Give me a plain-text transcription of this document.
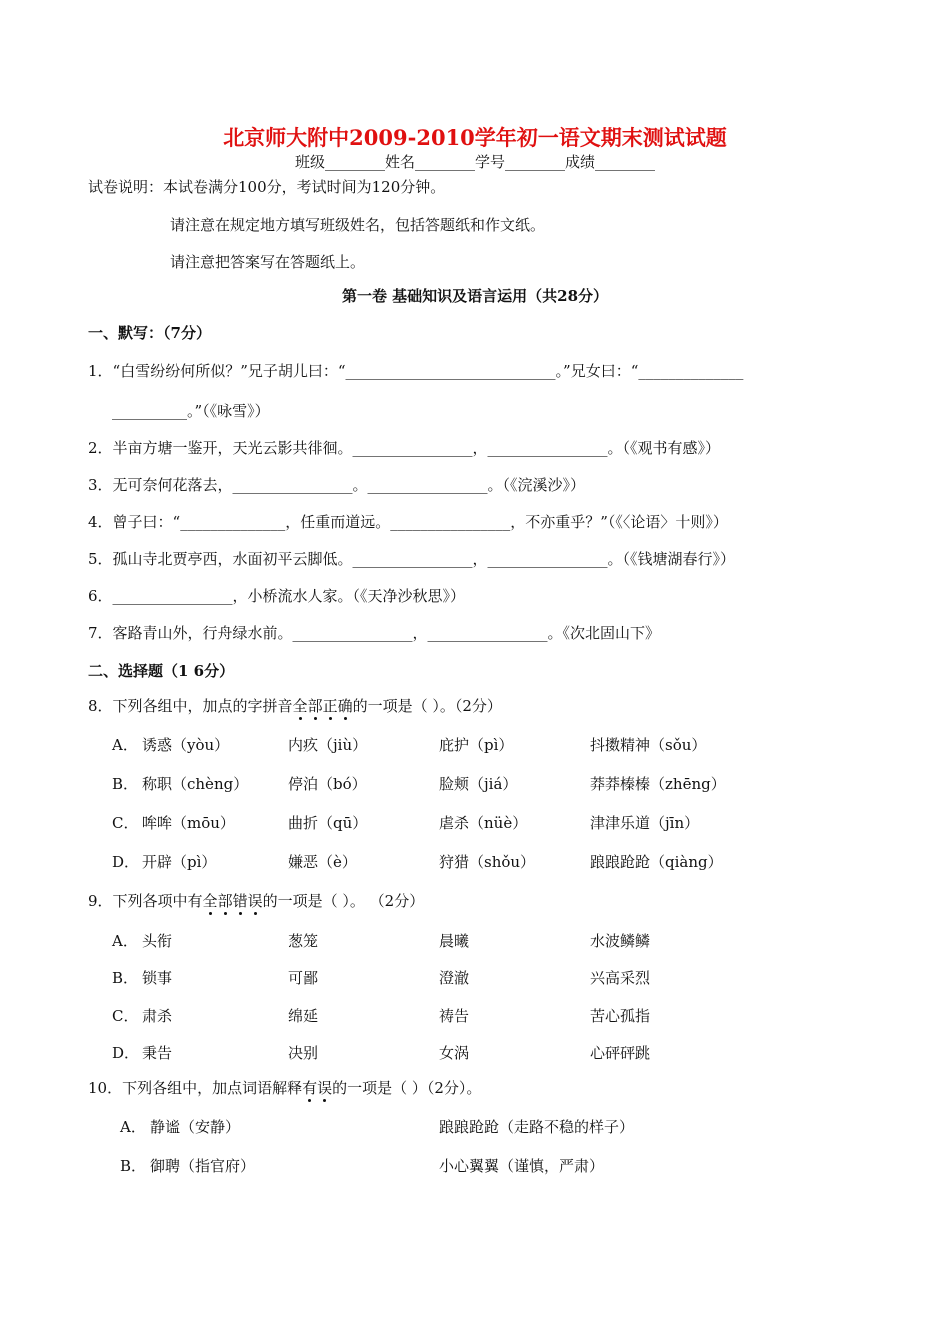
北京师大附中2009-2010学年初一语文期末测试试题
班级________姓名________学号________成绩________
试卷说明：本试卷满分100分，考试时间为120分钟。
请注意在规定地方填写班级姓名，包括答题纸和作文纸。
请注意把答案写在答题纸上。
第一卷 基础知识及语言运用（共28分）
一、默写：（7分）
1．“白雪纷纷何所似？”兄子胡儿曰：“____________________________。”兄女曰：“______________
__________。”（《咏雪》）
2．半亩方塘一鉴开，天光云影共徘徊。________________，________________。（《观书有感》）
3．无可奈何花落去，________________。________________。（《浣溪沙》）
4．曾子曰：“______________，任重而道远。________________，不亦重乎？”（《〈论语〉十则》）
5．孤山寺北贾亭西，水面初平云脚低。________________，________________。（《钱塘湖春行》）
6．________________，小桥流水人家。（《天净沙秋思》）
7．客路青山外，行舟绿水前。________________，________________。《次北固山下》
二、选择题（1 6分）
8．下列各组中，加点的字拼音全部正确的一项是（ ）。（2分）
A． 诱惑（yòu）	内疚（jiù）	庇护（pì）	抖擞精神（sǒu）
B． 称职（chèng）	停泊（bó）	脸颊（jiá）	莽莽榛榛（zhēng）
C． 哞哞（mōu）	曲折（qū）	虐杀（nüè）	津津乐道（jīn）
D． 开辟（pì）	嫌恶（è）	狩猎（shǒu）	踉踉跄跄（qiàng）
9．下列各项中有全部错误的一项是（ ）。 （2分）
A． 头衔	葱笼	晨曦	水波鳞鳞
B． 锁事	可鄙	澄澈	兴高采烈
C． 肃杀	绵延	祷告	苦心孤指
D． 秉告	决别	女涡	心砰砰跳
10．下列各组中，加点词语解释有误的一项是（ ）（2分）。
A． 静谧（安静）	踉踉跄跄（走路不稳的样子）
B． 御聘（指官府）	小心翼翼（谨慎，严肃）
